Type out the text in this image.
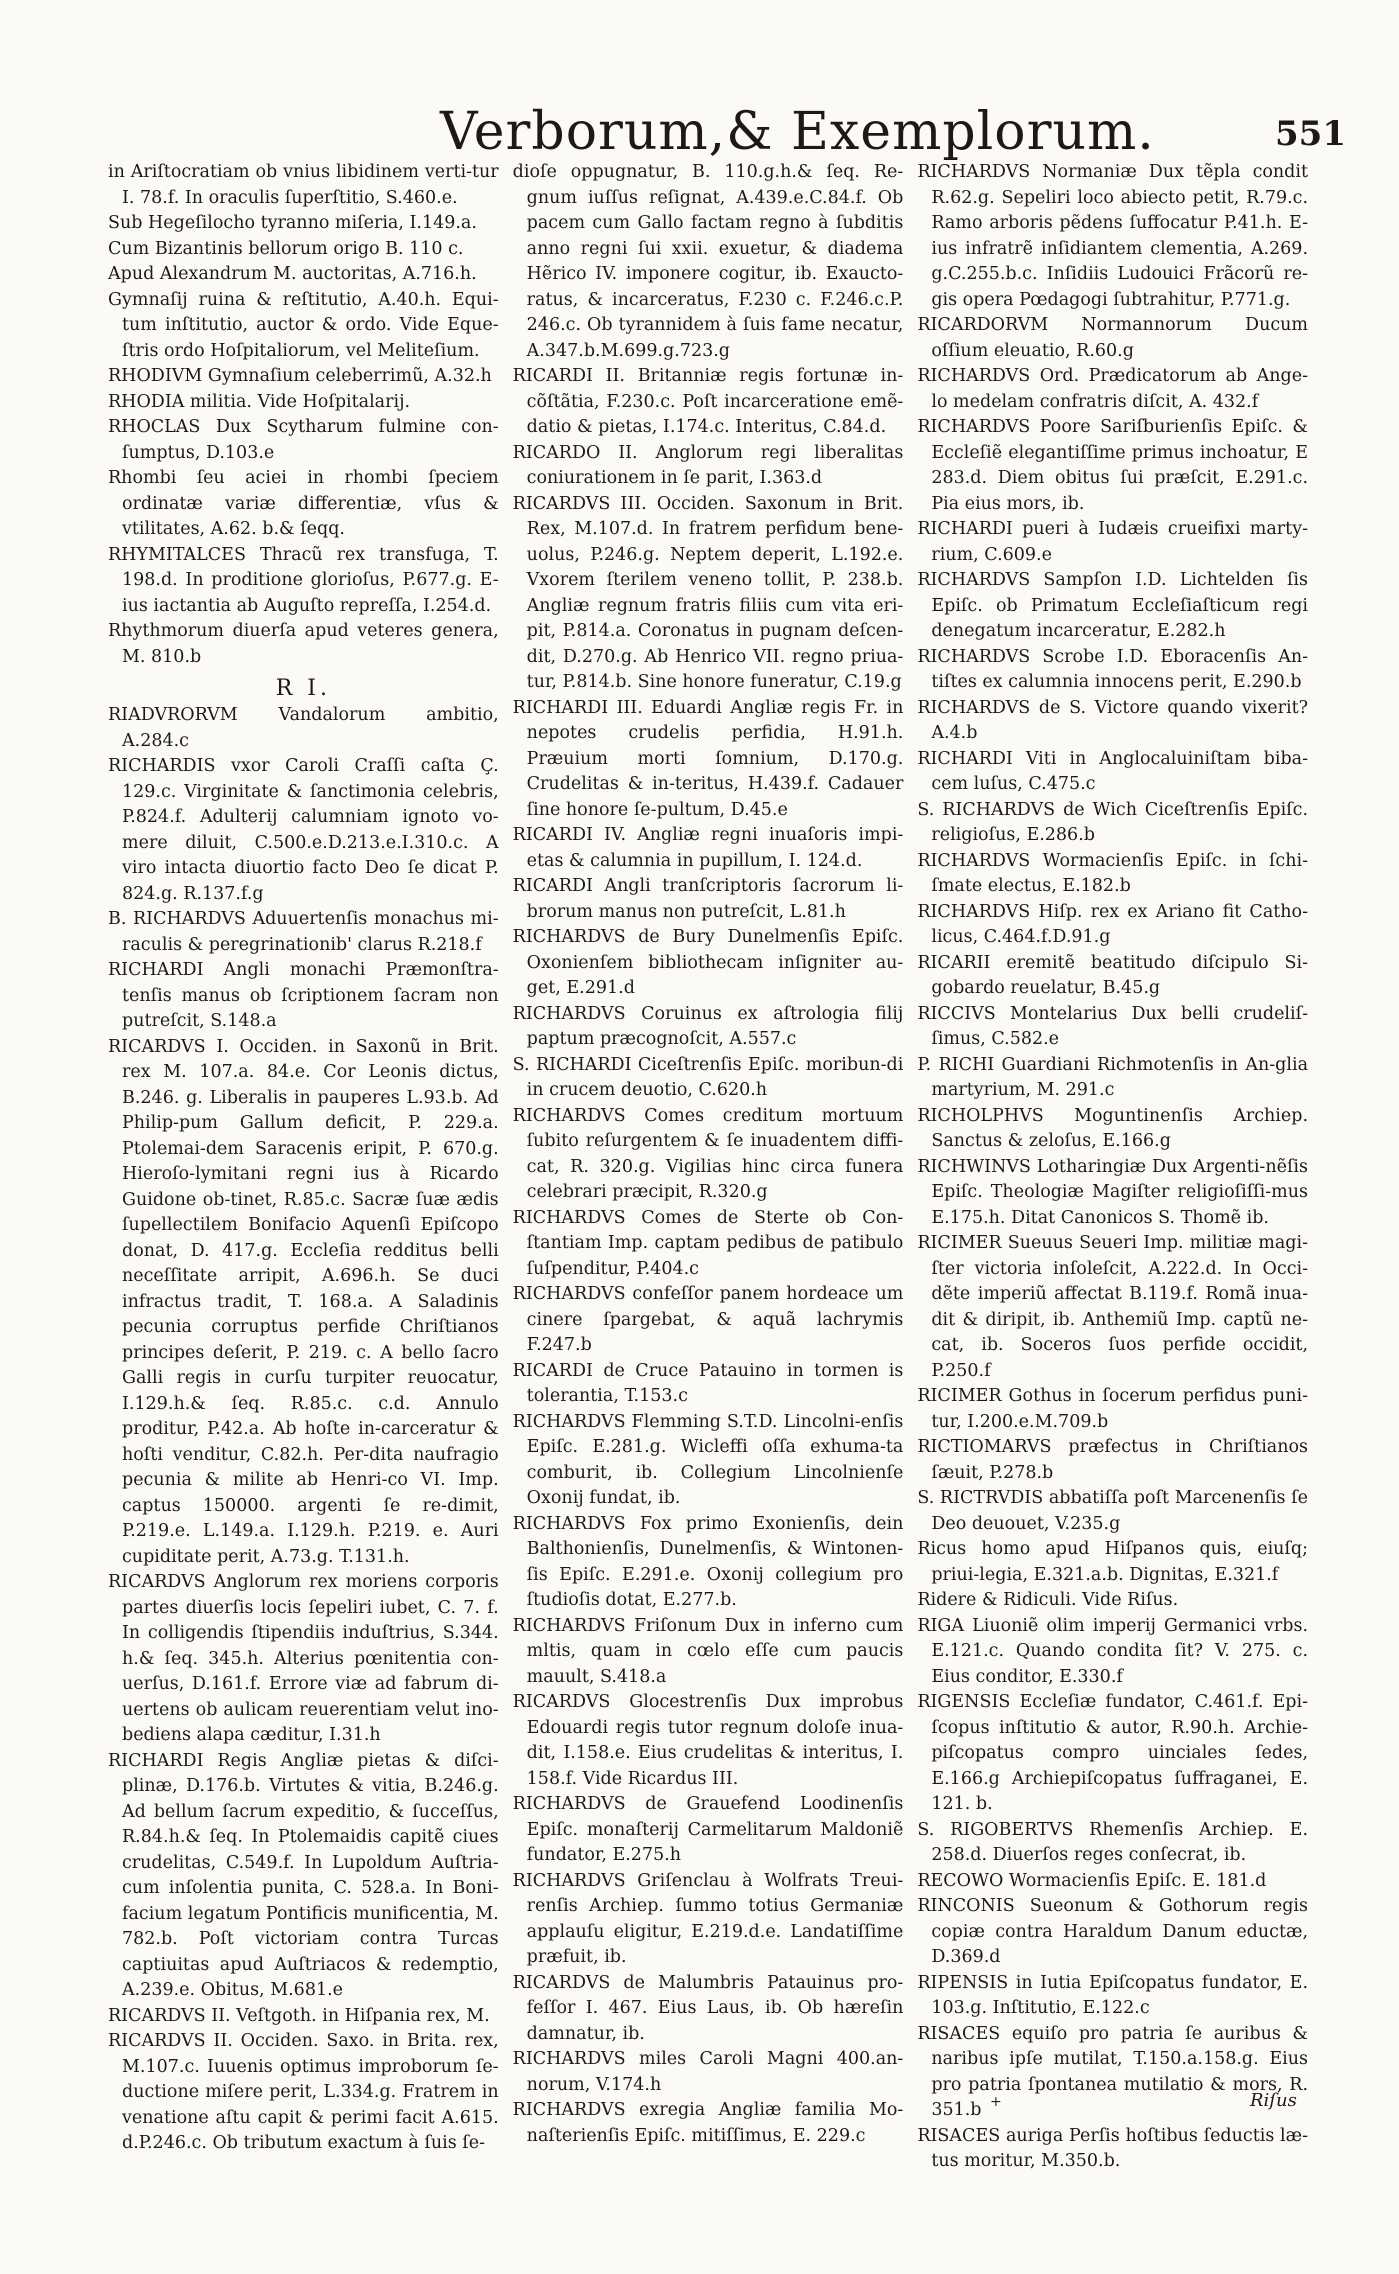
Verborum,& Exemplorum.	551

in Ariſtocratiam ob vnius libidinem verti-tur I. 78.f. In oraculis ſuperſtitio, S.460.e.

Sub Hegeſilocho tyranno miſeria, I.149.a.

Cum Bizantinis bellorum origo B. 110 c.

Apud Alexandrum M. auctoritas, A.716.h.

Gymnaſij ruina & reſtitutio, A.40.h. Equi-tum inſtitutio, auctor & ordo. Vide Eque-ſtris ordo Hoſpitaliorum, vel Meliteſium.

RHODIVM Gymnaſium celeberrimũ, A.32.h

RHODIA militia. Vide Hoſpitalarij.

RHOCLAS Dux Scytharum fulmine con-ſumptus, D.103.e

Rhombi ſeu aciei in rhombi ſpeciem ordinatæ variæ differentiæ, vſus & vtilitates, A.62. b.& ſeqq.

RHYMITALCES Thracũ rex transfuga, T. 198.d. In proditione glorioſus, P.677.g. E-ius iactantia ab Auguſto repreſſa, I.254.d.

Rhythmorum diuerſa apud veteres genera, M. 810.b

R I.

RIADVRORVM Vandalorum ambitio, A.284.c

RICHARDIS vxor Caroli Craſſi caſta Ç. 129.c. Virginitate & ſanctimonia celebris, P.824.f. Adulterij calumniam ignoto vo-mere diluit, C.500.e.D.213.e.I.310.c. A viro intacta diuortio facto Deo ſe dicat P. 824.g. R.137.f.g

B. RICHARDVS Aduuertenſis monachus mi-raculis & peregrinationib' clarus R.218.f

RICHARDI Angli monachi Præmonſtra-tenſis manus ob ſcriptionem ſacram non putreſcit, S.148.a

RICARDVS I. Occiden. in Saxonũ in Brit. rex M. 107.a. 84.e. Cor Leonis dictus, B.246. g. Liberalis in pauperes L.93.b. Ad Philip-pum Gallum deficit, P. 229.a. Ptolemai-dem Saracenis eripit, P. 670.g. Hieroſo-lymitani regni ius à Ricardo Guidone ob-tinet, R.85.c. Sacræ ſuæ ædis ſupellectilem Bonifacio Aquenſi Epiſcopo donat, D. 417.g. Eccleſia redditus belli neceſſitate arripit, A.696.h. Se duci infractus tradit, T. 168.a. A Saladinis pecunia corruptus perfide Chriſtianos principes deſerit, P. 219. c. A bello ſacro Galli regis in curſu turpiter reuocatur, I.129.h.& ſeq. R.85.c. c.d. Annulo proditur, P.42.a. Ab hoſte in-carceratur & hoſti venditur, C.82.h. Per-dita naufragio pecunia & milite ab Henri-co VI. Imp. captus 150000. argenti ſe re-dimit, P.219.e. L.149.a. I.129.h. P.219. e. Auri cupiditate perit, A.73.g. T.131.h.

RICARDVS Anglorum rex moriens corporis partes diuerſis locis ſepeliri iubet, C. 7. f. In colligendis ſtipendiis induſtrius, S.344. h.& ſeq. 345.h. Alterius pœnitentia con-uerſus, D.161.f. Errore viæ ad fabrum di-uertens ob aulicam reuerentiam velut ino-bediens alapa cæditur, I.31.h

RICHARDI Regis Angliæ pietas & diſci-plinæ, D.176.b. Virtutes & vitia, B.246.g. Ad bellum ſacrum expeditio, & ſucceſſus, R.84.h.& ſeq. In Ptolemaidis capitẽ ciues crudelitas, C.549.f. In Lupoldum Auſtria-cum inſolentia punita, C. 528.a. In Boni-facium legatum Pontificis munificentia, M. 782.b. Poſt victoriam contra Turcas captiuitas apud Auſtriacos & redemptio, A.239.e. Obitus, M.681.e

RICARDVS II. Veſtgoth. in Hiſpania rex, M.

RICARDVS II. Occiden. Saxo. in Brita. rex, M.107.c. Iuuenis optimus improborum ſe-ductione miſere perit, L.334.g. Fratrem in venatione aſtu capit & perimi facit A.615. d.P.246.c. Ob tributum exactum à ſuis ſe-

dioſe oppugnatur, B. 110.g.h.& ſeq. Re-gnum iuſſus reſignat, A.439.e.C.84.f. Ob pacem cum Gallo factam regno à ſubditis anno regni ſui xxii. exuetur, & diadema Hẽrico IV. imponere cogitur, ib. Exaucto-ratus, & incarceratus, F.230 c. F.246.c.P. 246.c. Ob tyrannidem à ſuis fame necatur, A.347.b.M.699.g.723.g

RICARDI II. Britanniæ regis fortunæ in-cõſtãtia, F.230.c. Poſt incarceratione emẽ-datio & pietas, I.174.c. Interitus, C.84.d.

RICARDO II. Anglorum regi liberalitas coniurationem in ſe parit, I.363.d

RICARDVS III. Occiden. Saxonum in Brit. Rex, M.107.d. In fratrem perfidum bene-uolus, P.246.g. Neptem deperit, L.192.e. Vxorem ſterilem veneno tollit, P. 238.b. Angliæ regnum fratris filiis cum vita eri-pit, P.814.a. Coronatus in pugnam deſcen-dit, D.270.g. Ab Henrico VII. regno priua-tur, P.814.b. Sine honore funeratur, C.19.g

RICHARDI III. Eduardi Angliæ regis Fr. in nepotes crudelis perfidia, H.91.h. Præuium morti ſomnium, D.170.g. Crudelitas & in-teritus, H.439.f. Cadauer ſine honore ſe-pultum, D.45.e

RICARDI IV. Angliæ regni inuaſoris impi-etas & calumnia in pupillum, I. 124.d.

RICARDI Angli tranſcriptoris ſacrorum li-brorum manus non putreſcit, L.81.h

RICHARDVS de Bury Dunelmenſis Epiſc. Oxonienſem bibliothecam inſigniter au-get, E.291.d

RICHARDVS Coruinus ex aſtrologia filij paptum præcognoſcit, A.557.c

S. RICHARDI Ciceſtrenſis Epiſc. moribun-di in crucem deuotio, C.620.h

RICHARDVS Comes creditum mortuum ſubito reſurgentem & ſe inuadentem diffi-cat, R. 320.g. Vigilias hinc circa funera celebrari præcipit, R.320.g

RICHARDVS Comes de Sterte ob Con-ſtantiam Imp. captam pedibus de patibulo ſuſpenditur, P.404.c

RICHARDVS confeſſor panem hordeace um cinere ſpargebat, & aquã lachrymis F.247.b

RICARDI de Cruce Patauino in tormen is tolerantia, T.153.c

RICHARDVS Flemming S.T.D. Lincolni-enſis Epiſc. E.281.g. Wicleffi oſſa exhuma-ta comburit, ib. Collegium Lincolnienſe Oxonij fundat, ib.

RICHARDVS Fox primo Exonienſis, dein Balthonienſis, Dunelmenſis, & Wintonen-ſis Epiſc. E.291.e. Oxonij collegium pro ſtudioſis dotat, E.277.b.

RICHARDVS Friſonum Dux in inferno cum mltis, quam in cœlo eſſe cum paucis mauult, S.418.a

RICARDVS Glocestrenſis Dux improbus Edouardi regis tutor regnum doloſe inua-dit, I.158.e. Eius crudelitas & interitus, I. 158.f. Vide Ricardus III.

RICHARDVS de Grauefend Loodinenſis Epiſc. monaſterij Carmelitarum Maldoniẽ fundator, E.275.h

RICHARDVS Griſenclau à Wolfrats Treui-renſis Archiep. ſummo totius Germaniæ applauſu eligitur, E.219.d.e. Landatiſſime præfuit, ib.

RICARDVS de Malumbris Patauinus pro-feſſor I. 467. Eius Laus, ib. Ob hæreſin damnatur, ib.

RICHARDVS miles Caroli Magni 400.an-norum, V.174.h

RICHARDVS exregia Angliæ familia Mo-naſterienſis Epiſc. mitiſſimus, E. 229.c

RICHARDVS Normaniæ Dux tẽpla condit R.62.g. Sepeliri loco abiecto petit, R.79.c. Ramo arboris pẽdens ſuffocatur P.41.h. E-ius infratrẽ inſidiantem clementia, A.269. g.C.255.b.c. Inſidiis Ludouici Frãcorũ re-gis opera Pœdagogi ſubtrahitur, P.771.g.

RICARDORVM Normannorum Ducum oſſium eleuatio, R.60.g

RICHARDVS Ord. Prædicatorum ab Ange-lo medelam confratris diſcit, A. 432.f

RICHARDVS Poore Sariſburienſis Epiſc. & Eccleſiẽ elegantiſſime primus inchoatur, E 283.d. Diem obitus ſui præſcit, E.291.c. Pia eius mors, ib.

RICHARDI pueri à Iudæis crueifixi marty-rium, C.609.e

RICHARDVS Sampſon I.D. Lichtelden ſis Epiſc. ob Primatum Eccleſiaſticum regi denegatum incarceratur, E.282.h

RICHARDVS Scrobe I.D. Eboracenſis An-tiſtes ex calumnia innocens perit, E.290.b

RICHARDVS de S. Victore quando vixerit? A.4.b

RICHARDI Viti in Anglocaluiniſtam biba-cem luſus, C.475.c

S. RICHARDVS de Wich Ciceſtrenſis Epiſc. religioſus, E.286.b

RICHARDVS Wormacienſis Epiſc. in ſchi-ſmate electus, E.182.b

RICHARDVS Hiſp. rex ex Ariano fit Catho-licus, C.464.f.D.91.g

RICARII eremitẽ beatitudo diſcipulo Si-gobardo reuelatur, B.45.g

RICCIVS Montelarius Dux belli crudeliſ-ſimus, C.582.e

P. RICHI Guardiani Richmotenſis in An-glia martyrium, M. 291.c

RICHOLPHVS Moguntinenſis Archiep. Sanctus & zeloſus, E.166.g

RICHWINVS Lotharingiæ Dux Argenti-nẽſis Epiſc. Theologiæ Magiſter religioſiſſi-mus E.175.h. Ditat Canonicos S. Thomẽ ib.

RICIMER Sueuus Seueri Imp. militiæ magi-ſter victoria inſoleſcit, A.222.d. In Occi-dẽte imperiũ affectat B.119.f. Romã inua-dit & diripit, ib. Anthemiũ Imp. captũ ne-cat, ib. Soceros ſuos perfide occidit, P.250.f

RICIMER Gothus in ſocerum perfidus puni-tur, I.200.e.M.709.b

RICTIOMARVS præfectus in Chriſtianos ſæuit, P.278.b

S. RICTRVDIS abbatiſſa poſt Marcenenſis ſe Deo deuouet, V.235.g

Ricus homo apud Hiſpanos quis, eiuſq; priui-legia, E.321.a.b. Dignitas, E.321.f

Ridere & Ridiculi. Vide Riſus.

RIGA Liuoniẽ olim imperij Germanici vrbs. E.121.c. Quando condita ſit? V. 275. c. Eius conditor, E.330.f

RIGENSIS Eccleſiæ fundator, C.461.f. Epi-ſcopus inſtitutio & autor, R.90.h. Archie-piſcopatus compro uinciales ſedes, E.166.g Archiepiſcopatus ſuffraganei, E. 121. b.

S. RIGOBERTVS Rhemenſis Archiep. E. 258.d. Diuerſos reges conſecrat, ib.

RECOWO Wormacienſis Epiſc. E. 181.d

RINCONIS Sueonum & Gothorum regis copiæ contra Haraldum Danum eductæ, D.369.d

RIPENSIS in Iutia Epiſcopatus fundator, E. 103.g. Inſtitutio, E.122.c

RISACES equiſo pro patria ſe auribus & naribus ipſe mutilat, T.150.a.158.g. Eius pro patria ſpontanea mutilatio & mors, R. 351.b

RISACES auriga Perſis hoſtibus ſeductis læ-tus moritur, M.350.b.

+	Riſus
